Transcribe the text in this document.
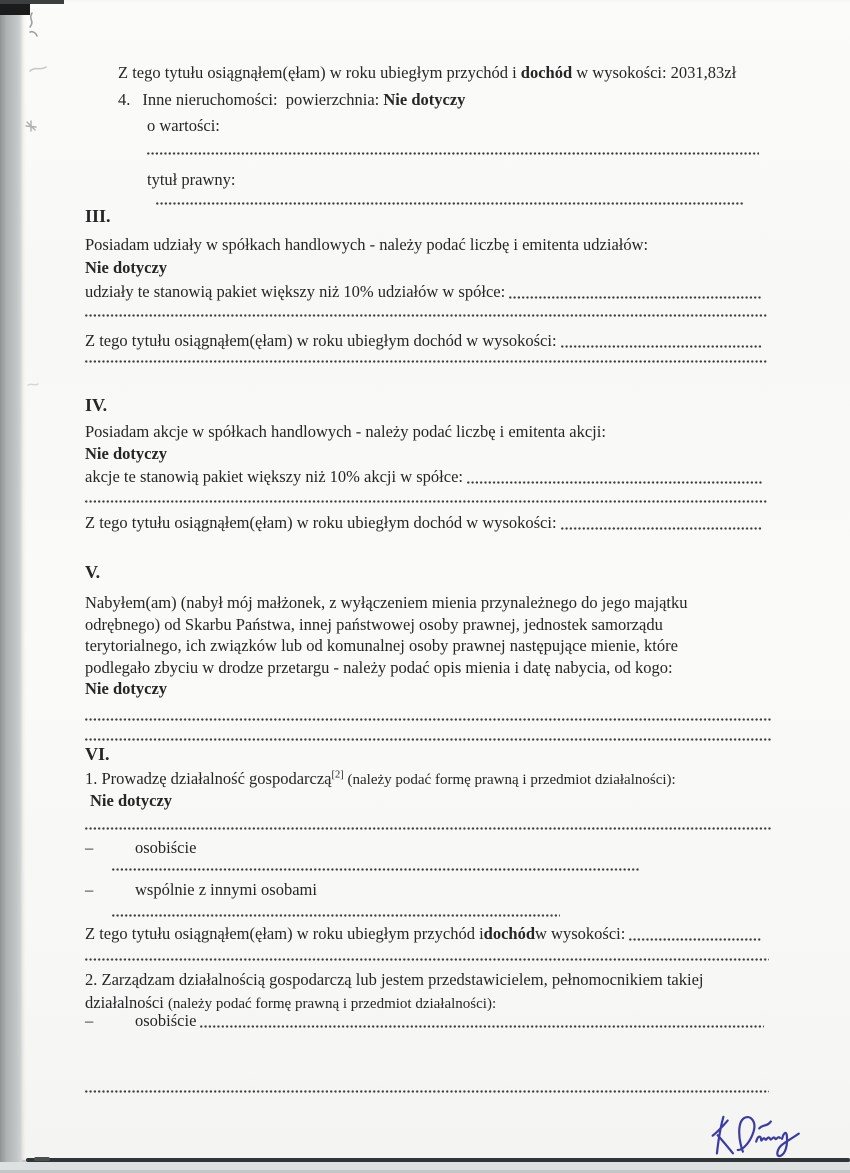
Z tego tytułu osiągnąłem(ęłam) w roku ubiegłym przychód i dochód w wysokości: 2031,83zł
4. Inne nieruchomości:  powierzchnia: Nie dotyczy
o wartości:
tytuł prawny:
III.
Posiadam udziały w spółkach handlowych - należy podać liczbę i emitenta udziałów:
Nie dotyczy
udziały te stanowią pakiet większy niż 10% udziałów w spółce:
Z tego tytułu osiągnąłem(ęłam) w roku ubiegłym dochód w wysokości:
IV.
Posiadam akcje w spółkach handlowych - należy podać liczbę i emitenta akcji:
Nie dotyczy
akcje te stanowią pakiet większy niż 10% akcji w spółce:
Z tego tytułu osiągnąłem(ęłam) w roku ubiegłym dochód w wysokości:
V.
Nabyłem(am) (nabył mój małżonek, z wyłączeniem mienia przynależnego do jego majątku
odrębnego) od Skarbu Państwa, innej państwowej osoby prawnej, jednostek samorządu
terytorialnego, ich związków lub od komunalnej osoby prawnej następujące mienie, które
podlegało zbyciu w drodze przetargu - należy podać opis mienia i datę nabycia, od kogo:
Nie dotyczy
VI.
1. Prowadzę działalność gospodarczą[2] (należy podać formę prawną i przedmiot działalności):
Nie dotyczy
–	osobiście
–	wspólnie z innymi osobami
Z tego tytułu osiągnąłem(ęłam) w roku ubiegłym przychód i dochód w wysokości:
2. Zarządzam działalnością gospodarczą lub jestem przedstawicielem, pełnomocnikiem takiej
działalności (należy podać formę prawną i przedmiot działalności):
–	osobiście
